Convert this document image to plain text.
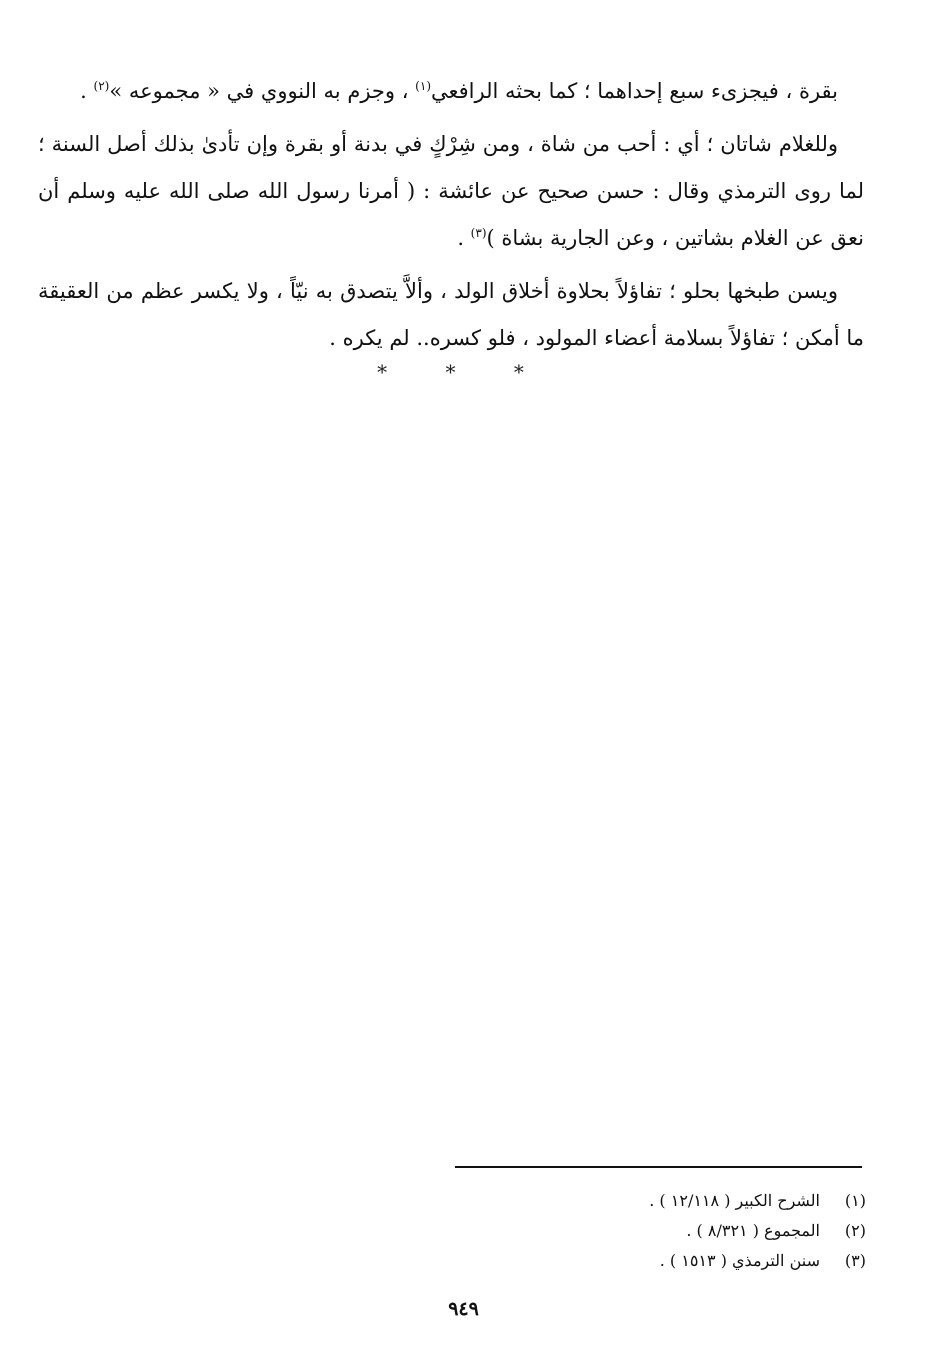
بقرة ، فيجزىء سبع إحداهما ؛ كما بحثه الرافعي$^{(١)}$ ، وجزم به النووي في « مجموعه »$^{(٢)}$ .

وللغلام شاتان ؛ أي : أحب من شاة ، ومن شِرْكٍ في بدنة أو بقرة وإن تأدىٰ بذلك أصل السنة ؛ لما روى الترمذي وقال : حسن صحيح عن عائشة : ( أمرنا رسول الله صلى الله عليه وسلم أن نعق عن الغلام بشاتين ، وعن الجارية بشاة )$^{(٣)}$ .

ويسن طبخها بحلو ؛ تفاؤلاً بحلاوة أخلاق الولد ، وألاَّ يتصدق به نيّاً ، ولا يكسر عظم من العقيقة ما أمكن ؛ تفاؤلاً بسلامة أعضاء المولود ، فلو كسره.. لم يكره .

* * *
(١)
الشرح الكبير ( ١٢/١١٨ ) .
(٢)
المجموع ( ٨/٣٢١ ) .
(٣)
سنن الترمذي ( ١٥١٣ ) .
٩٤٩
